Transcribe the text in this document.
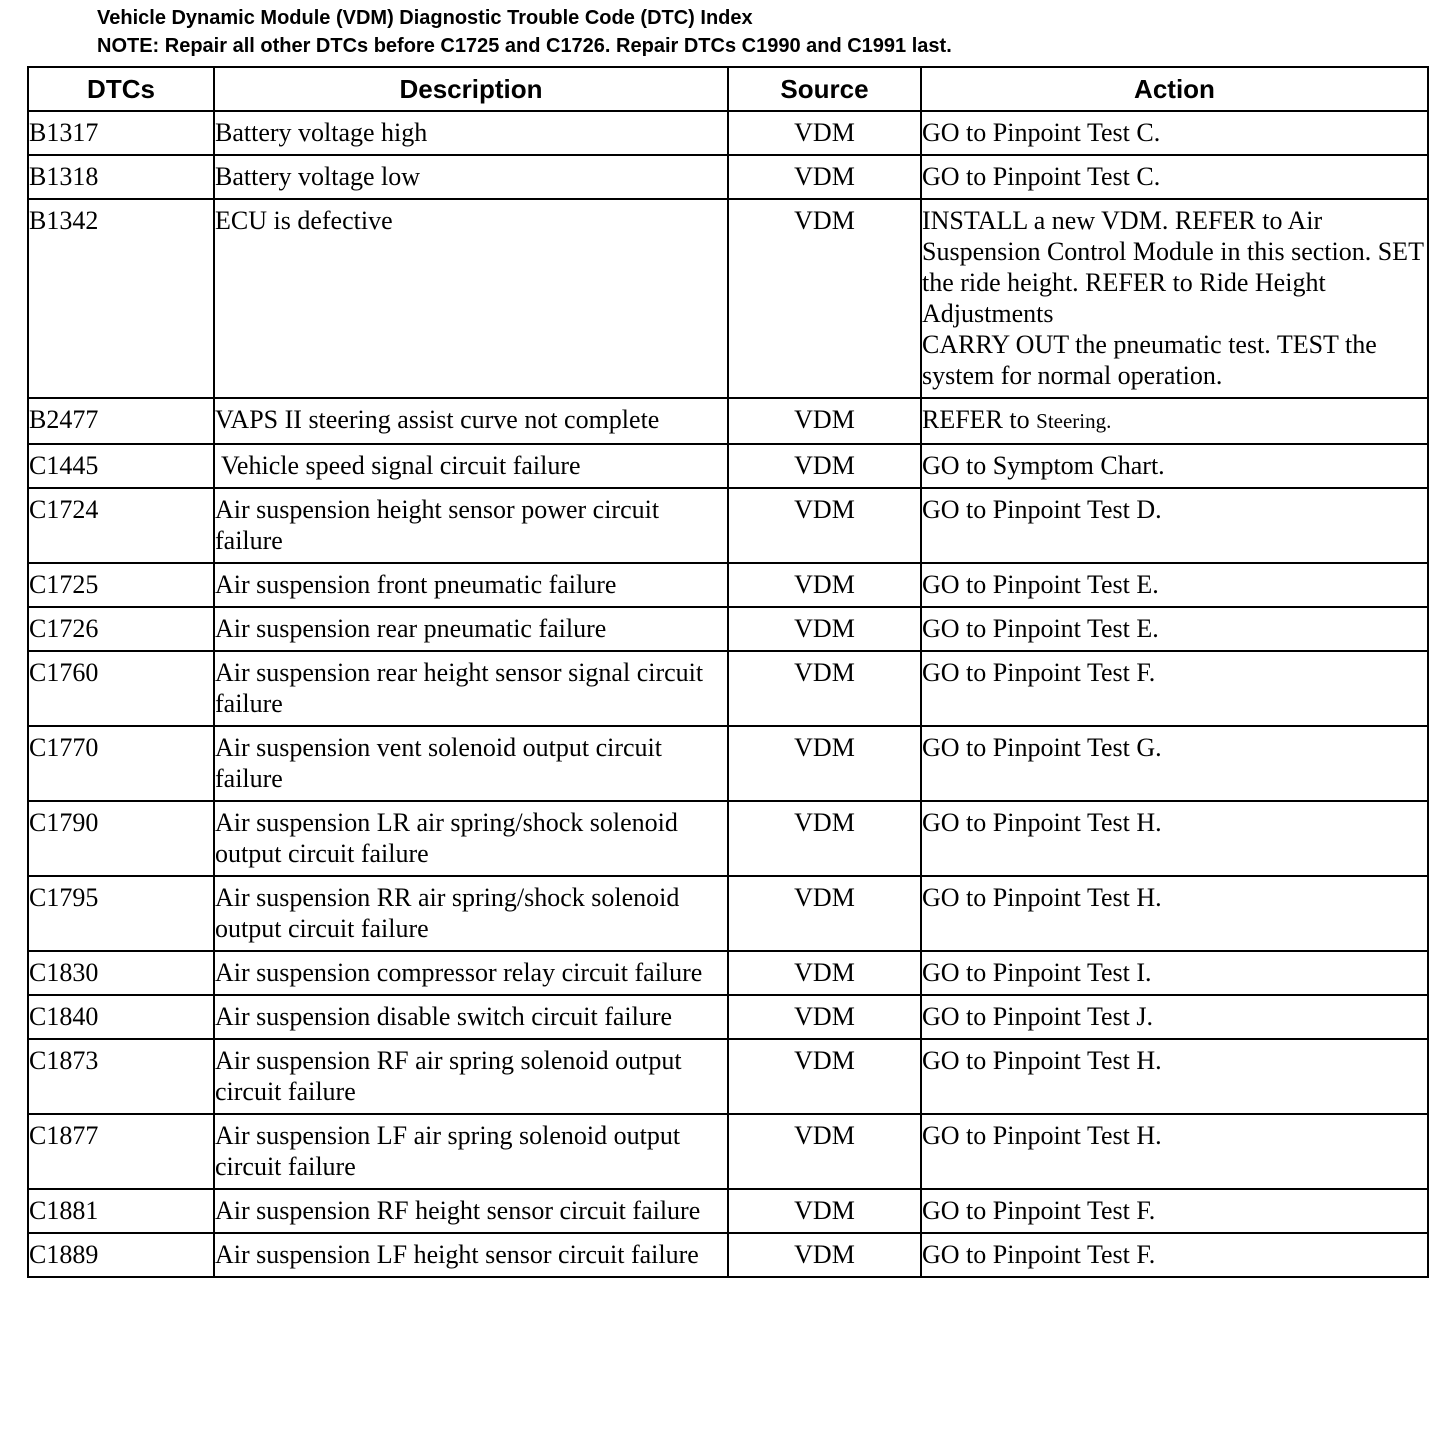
Vehicle Dynamic Module (VDM) Diagnostic Trouble Code (DTC) Index
NOTE: Repair all other DTCs before C1725 and C1726. Repair DTCs C1990 and C1991 last.
DTCs	Description	Source	Action
B1317	Battery voltage high	VDM	GO to Pinpoint Test C.
B1318	Battery voltage low	VDM	GO to Pinpoint Test C.
B1342	ECU is defective	VDM	INSTALL a new VDM. REFER to Air Suspension Control Module in this section. SET the ride height. REFER to Ride Height Adjustments
CARRY OUT the pneumatic test. TEST the system for normal operation.
B2477	VAPS II steering assist curve not complete	VDM	REFER to Steering.
C1445	Vehicle speed signal circuit failure	VDM	GO to Symptom Chart.
C1724	Air suspension height sensor power circuit failure	VDM	GO to Pinpoint Test D.
C1725	Air suspension front pneumatic failure	VDM	GO to Pinpoint Test E.
C1726	Air suspension rear pneumatic failure	VDM	GO to Pinpoint Test E.
C1760	Air suspension rear height sensor signal circuit failure	VDM	GO to Pinpoint Test F.
C1770	Air suspension vent solenoid output circuit failure	VDM	GO to Pinpoint Test G.
C1790	Air suspension LR air spring/shock solenoid output circuit failure	VDM	GO to Pinpoint Test H.
C1795	Air suspension RR air spring/shock solenoid output circuit failure	VDM	GO to Pinpoint Test H.
C1830	Air suspension compressor relay circuit failure	VDM	GO to Pinpoint Test I.
C1840	Air suspension disable switch circuit failure	VDM	GO to Pinpoint Test J.
C1873	Air suspension RF air spring solenoid output circuit failure	VDM	GO to Pinpoint Test H.
C1877	Air suspension LF air spring solenoid output circuit failure	VDM	GO to Pinpoint Test H.
C1881	Air suspension RF height sensor circuit failure	VDM	GO to Pinpoint Test F.
C1889	Air suspension LF height sensor circuit failure	VDM	GO to Pinpoint Test F.
